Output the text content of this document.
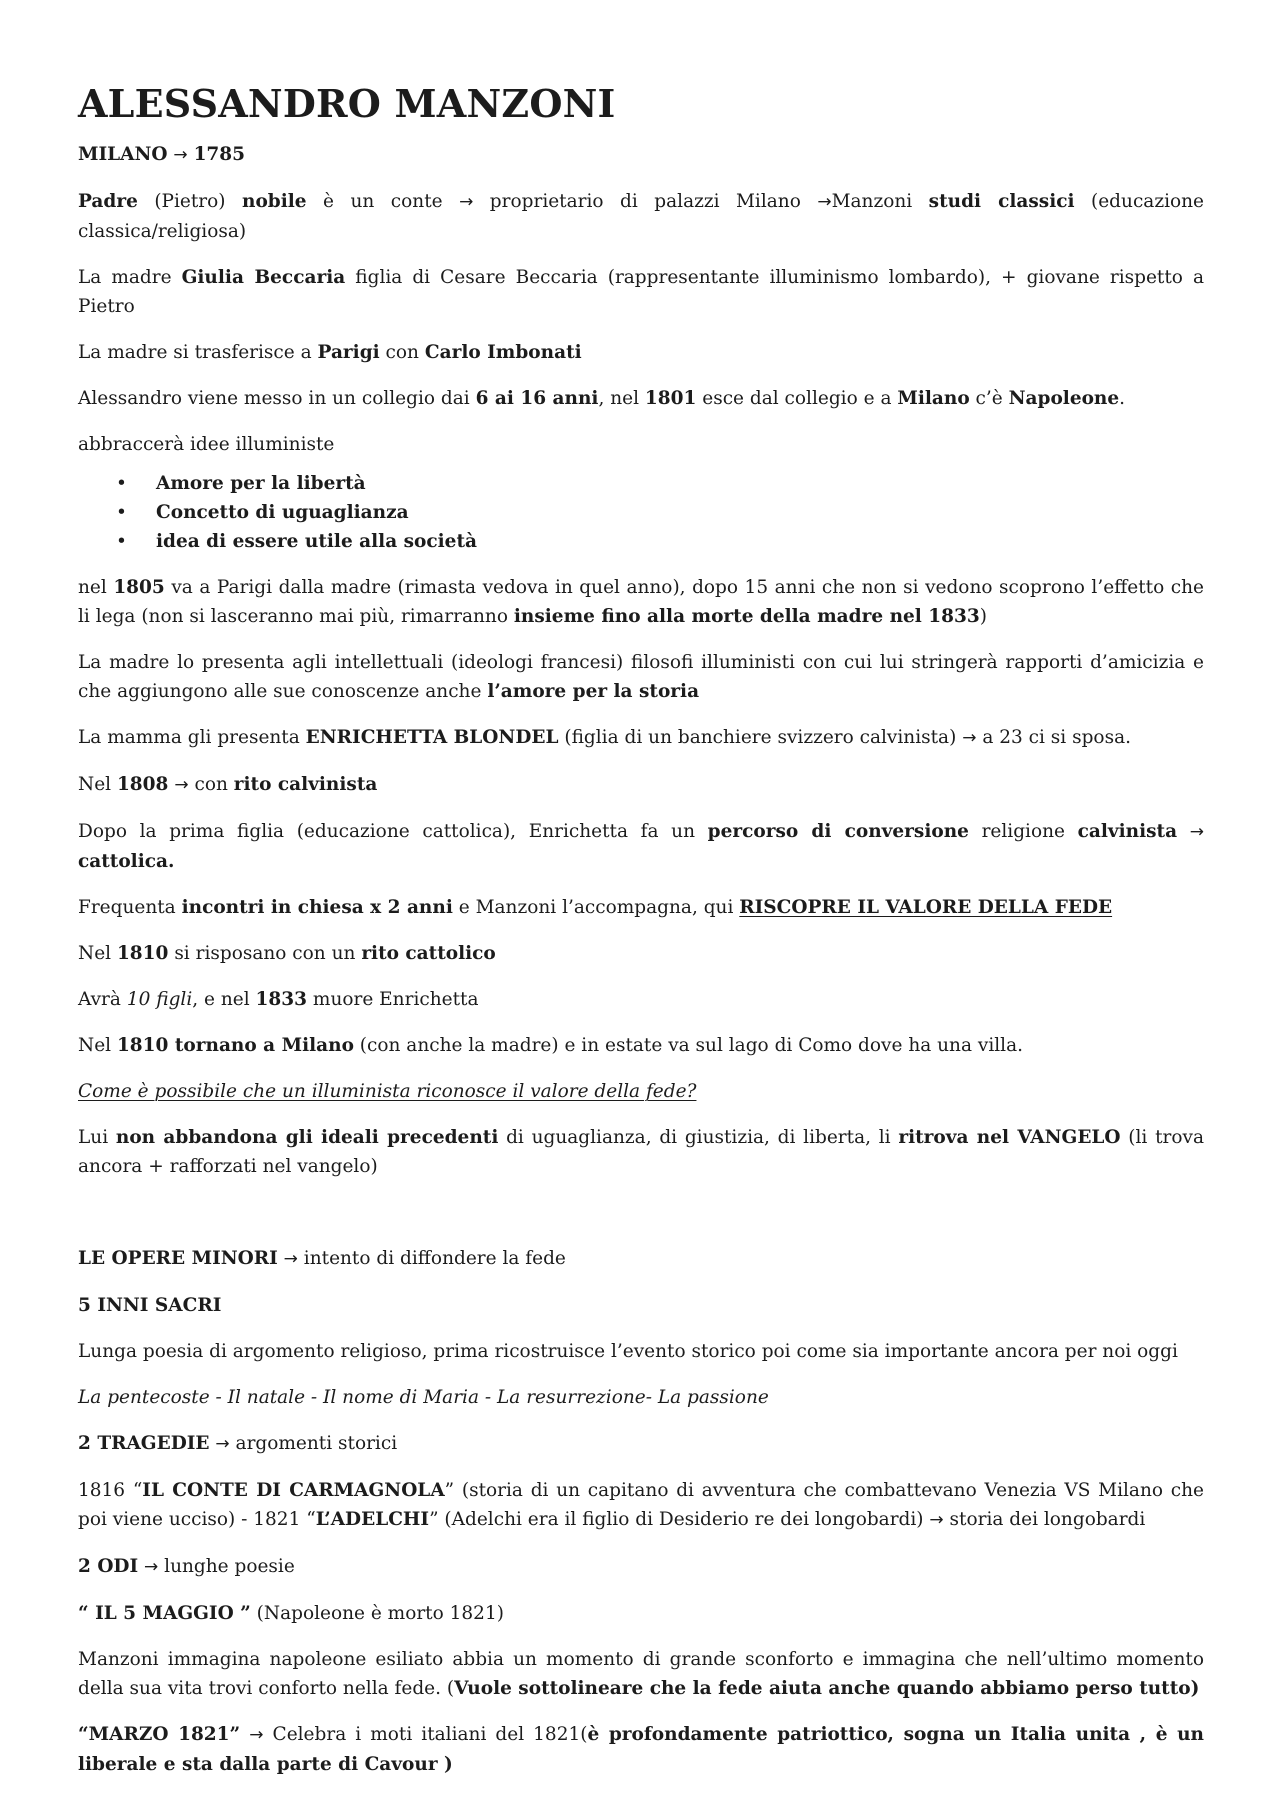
ALESSANDRO MANZONI

MILANO → 1785

Padre (Pietro) nobile è un conte → proprietario di palazzi Milano →Manzoni studi classici (educazione classica/religiosa)

La madre Giulia Beccaria figlia di Cesare Beccaria (rappresentante illuminismo lombardo), + giovane rispetto a Pietro

La madre si trasferisce a Parigi con Carlo Imbonati

Alessandro viene messo in un collegio dai 6 ai 16 anni, nel 1801 esce dal collegio e a Milano c’è Napoleone.

abbraccerà idee illuministe

• Amore per la libertà
• Concetto di uguaglianza
• idea di essere utile alla società

nel 1805 va a Parigi dalla madre (rimasta vedova in quel anno), dopo 15 anni che non si vedono scoprono l’effetto che li lega (non si lasceranno mai più, rimarranno insieme fino alla morte della madre nel 1833)

La madre lo presenta agli intellettuali (ideologi francesi) filosofi illuministi con cui lui stringerà rapporti d’amicizia e che aggiungono alle sue conoscenze anche l’amore per la storia

La mamma gli presenta ENRICHETTA BLONDEL (figlia di un banchiere svizzero calvinista) → a 23 ci si sposa.

Nel 1808 → con rito calvinista

Dopo la prima figlia (educazione cattolica), Enrichetta fa un percorso di conversione religione calvinista → cattolica.

Frequenta incontri in chiesa x 2 anni e Manzoni l’accompagna, qui RISCOPRE IL VALORE DELLA FEDE

Nel 1810 si risposano con un rito cattolico

Avrà 10 figli, e nel 1833 muore Enrichetta

Nel 1810 tornano a Milano (con anche la madre) e in estate va sul lago di Como dove ha una villa.

Come è possibile che un illuminista riconosce il valore della fede?

Lui non abbandona gli ideali precedenti di uguaglianza, di giustizia, di liberta, li ritrova nel VANGELO (li trova ancora + rafforzati nel vangelo)

LE OPERE MINORI → intento di diffondere la fede

5 INNI SACRI

Lunga poesia di argomento religioso, prima ricostruisce l’evento storico poi come sia importante ancora per noi oggi

La pentecoste - Il natale - Il nome di Maria - La resurrezione- La passione

2 TRAGEDIE → argomenti storici

1816 “IL CONTE DI CARMAGNOLA” (storia di un capitano di avventura che combattevano Venezia VS Milano che poi viene ucciso) - 1821 “L’ADELCHI” (Adelchi era il figlio di Desiderio re dei longobardi) → storia dei longobardi

2 ODI → lunghe poesie

“ IL 5 MAGGIO ” (Napoleone è morto 1821)

Manzoni immagina napoleone esiliato abbia un momento di grande sconforto e immagina che nell’ultimo momento della sua vita trovi conforto nella fede. (Vuole sottolineare che la fede aiuta anche quando abbiamo perso tutto)

“MARZO 1821” → Celebra i moti italiani del 1821(è profondamente patriottico, sogna un Italia unita , è un liberale e sta dalla parte di Cavour )
